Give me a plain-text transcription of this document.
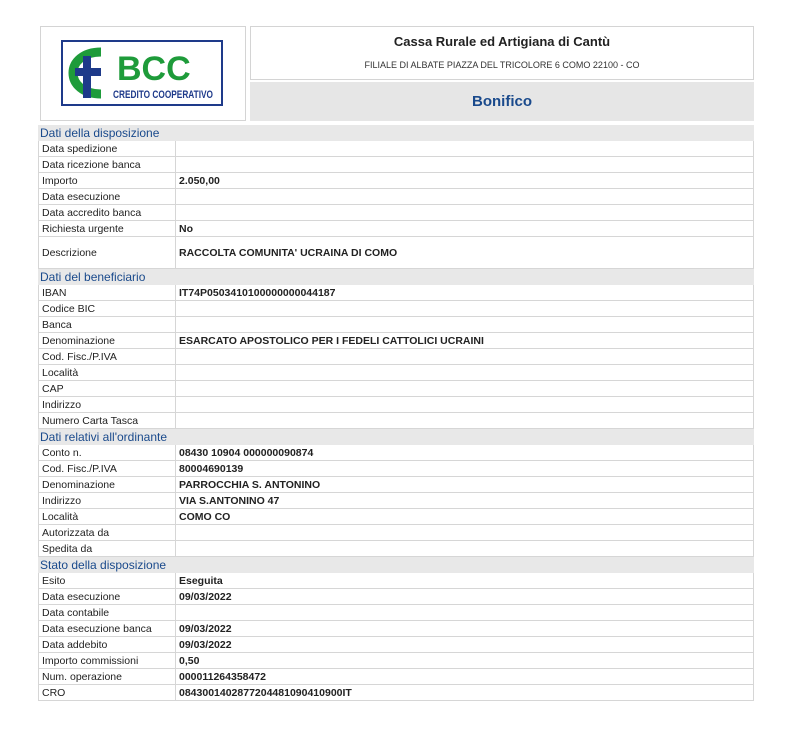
BCC
CREDITO COOPERATIVO
Cassa Rurale ed Artigiana di Cantù
FILIALE DI ALBATE PIAZZA DEL TRICOLORE 6 COMO 22100 - CO
Bonifico
Dati della disposizione
Data spedizione
Data ricezione banca
Importo	2.050,00
Data esecuzione
Data accredito banca
Richiesta urgente	No
Descrizione	RACCOLTA COMUNITA' UCRAINA DI COMO
Dati del beneficiario
IBAN	IT74P0503410100000000044187
Codice BIC
Banca
Denominazione	ESARCATO APOSTOLICO PER I FEDELI CATTOLICI UCRAINI
Cod. Fisc./P.IVA
Località
CAP
Indirizzo
Numero Carta Tasca
Dati relativi all'ordinante
Conto n.	08430 10904 000000090874
Cod. Fisc./P.IVA	80004690139
Denominazione	PARROCCHIA S. ANTONINO
Indirizzo	VIA S.ANTONINO 47
Località	COMO CO
Autorizzata da
Spedita da
Stato della disposizione
Esito	Eseguita
Data esecuzione	09/03/2022
Data contabile
Data esecuzione banca	09/03/2022
Data addebito	09/03/2022
Importo commissioni	0,50
Num. operazione	000011264358472
CRO	0843001402877204481090410900IT
